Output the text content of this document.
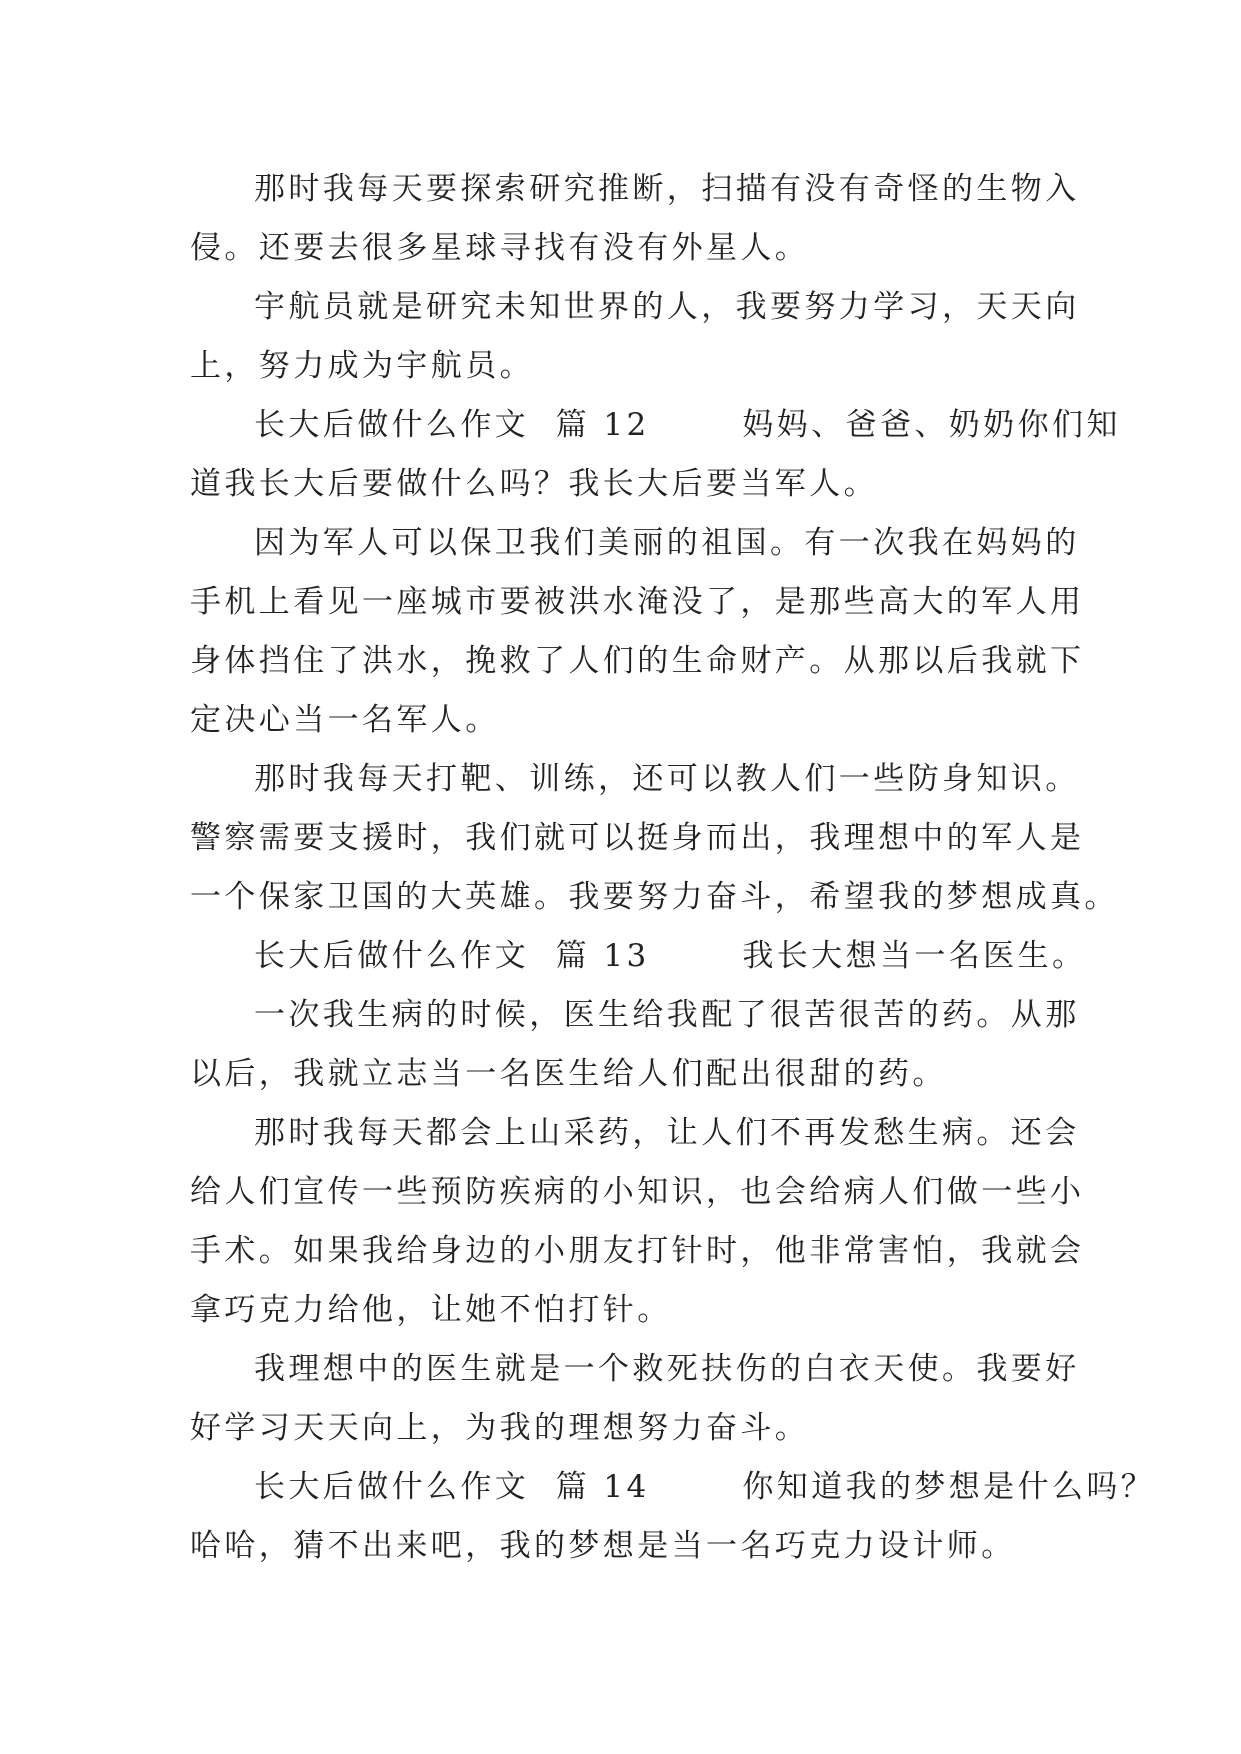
那时我每天要探索研究推断，扫描有没有奇怪的生物入
侵。还要去很多星球寻找有没有外星人。
宇航员就是研究未知世界的人，我要努力学习，天天向
上，努力成为宇航员。
长大后做什么作文  篇 12       妈妈、爸爸、奶奶你们知
道我长大后要做什么吗？我长大后要当军人。
因为军人可以保卫我们美丽的祖国。有一次我在妈妈的
手机上看见一座城市要被洪水淹没了，是那些高大的军人用
身体挡住了洪水，挽救了人们的生命财产。从那以后我就下
定决心当一名军人。
那时我每天打靶、训练，还可以教人们一些防身知识。
警察需要支援时，我们就可以挺身而出，我理想中的军人是
一个保家卫国的大英雄。我要努力奋斗，希望我的梦想成真。
长大后做什么作文  篇 13       我长大想当一名医生。
一次我生病的时候，医生给我配了很苦很苦的药。从那
以后，我就立志当一名医生给人们配出很甜的药。
那时我每天都会上山采药，让人们不再发愁生病。还会
给人们宣传一些预防疾病的小知识，也会给病人们做一些小
手术。如果我给身边的小朋友打针时，他非常害怕，我就会
拿巧克力给他，让她不怕打针。
我理想中的医生就是一个救死扶伤的白衣天使。我要好
好学习天天向上，为我的理想努力奋斗。
长大后做什么作文  篇 14       你知道我的梦想是什么吗？
哈哈，猜不出来吧，我的梦想是当一名巧克力设计师。
